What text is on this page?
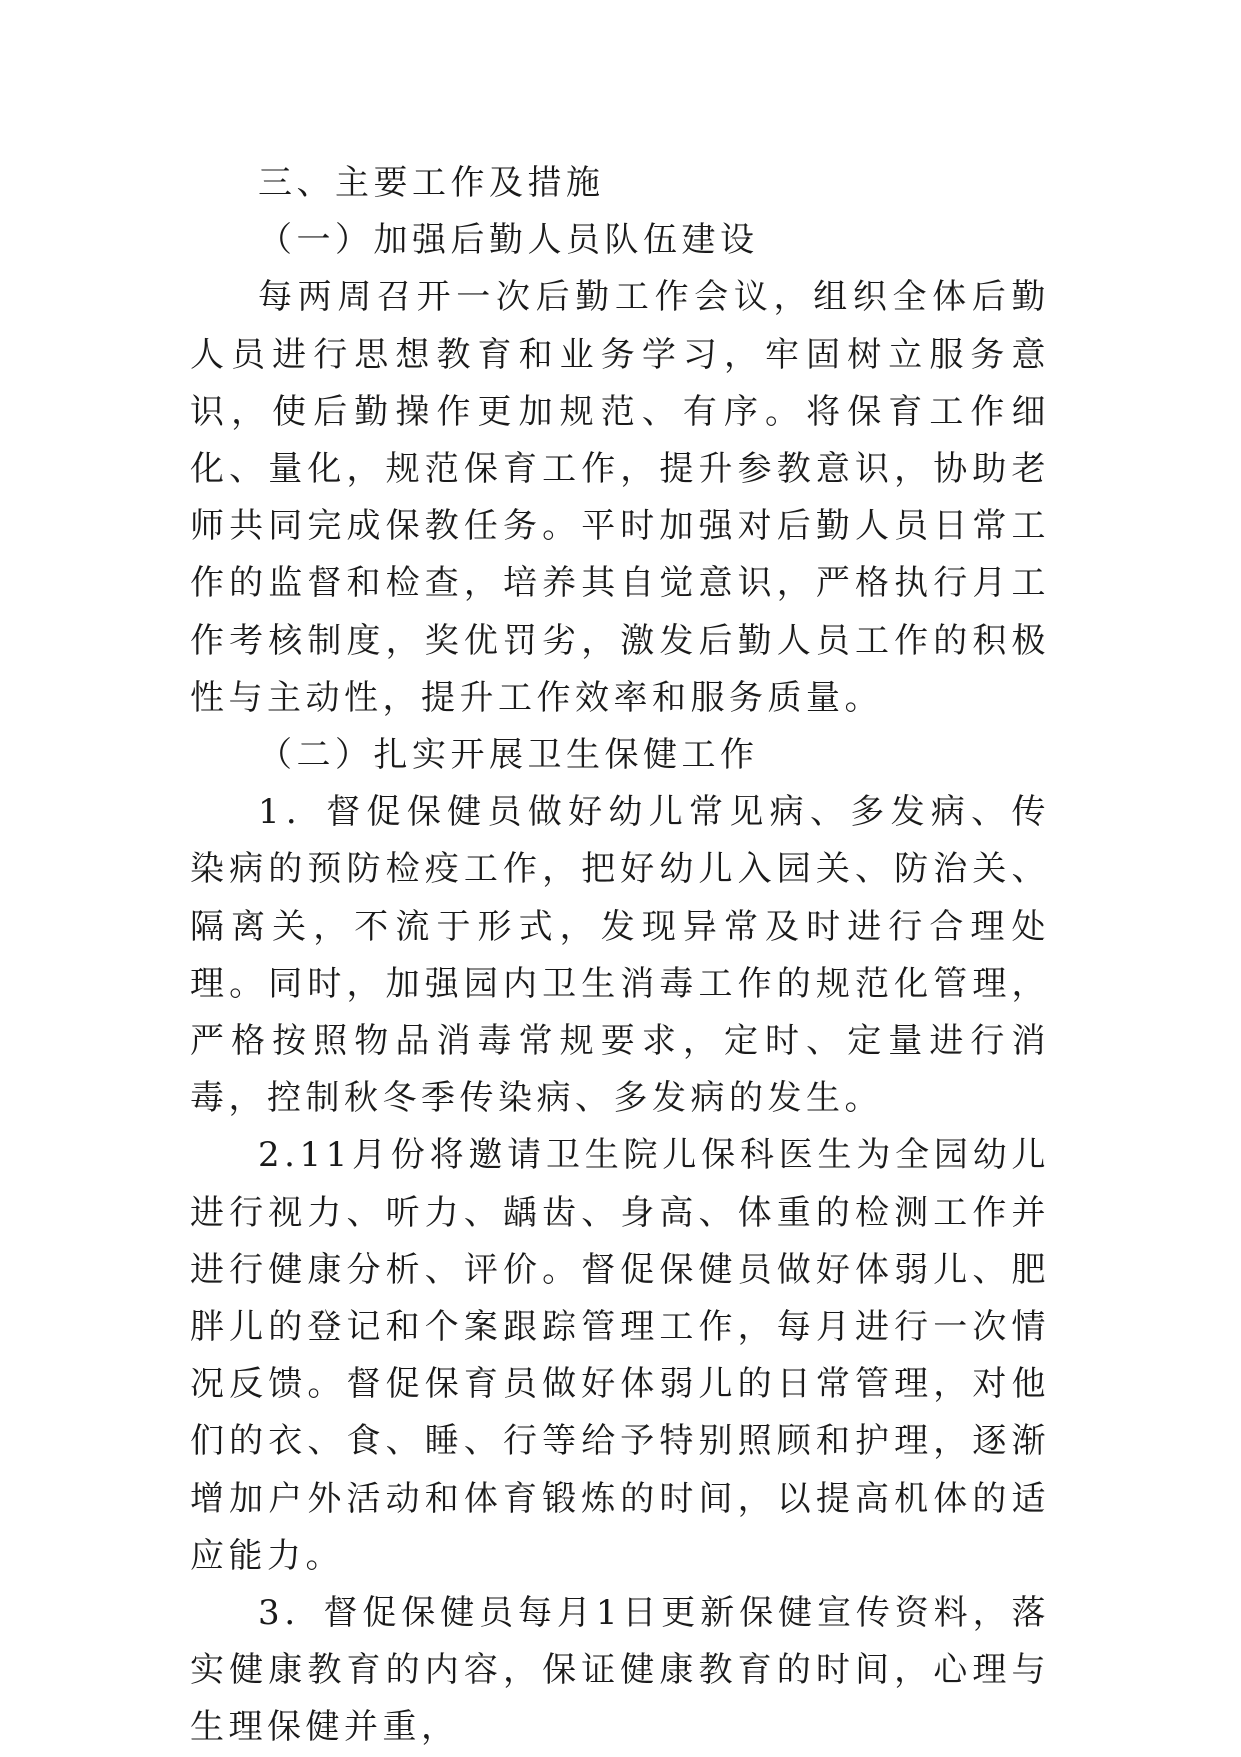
三、主要工作及措施

（一）加强后勤人员队伍建设

每两周召开一次后勤工作会议，组织全体后勤人员进行思想教育和业务学习，牢固树立服务意识，使后勤操作更加规范、有序。将保育工作细化、量化，规范保育工作，提升参教意识，协助老师共同完成保教任务。平时加强对后勤人员日常工作的监督和检查，培养其自觉意识，严格执行月工作考核制度，奖优罚劣，激发后勤人员工作的积极性与主动性，提升工作效率和服务质量。

（二）扎实开展卫生保健工作

1．督促保健员做好幼儿常见病、多发病、传染病的预防检疫工作，把好幼儿入园关、防治关、隔离关，不流于形式，发现异常及时进行合理处理。同时，加强园内卫生消毒工作的规范化管理，严格按照物品消毒常规要求，定时、定量进行消毒，控制秋冬季传染病、多发病的发生。

2.11月份将邀请卫生院儿保科医生为全园幼儿进行视力、听力、龋齿、身高、体重的检测工作并进行健康分析、评价。督促保健员做好体弱儿、肥胖儿的登记和个案跟踪管理工作，每月进行一次情况反馈。督促保育员做好体弱儿的日常管理，对他们的衣、食、睡、行等给予特别照顾和护理，逐渐增加户外活动和体育锻炼的时间，以提高机体的适应能力。

3．督促保健员每月1日更新保健宣传资料，落实健康教育的内容，保证健康教育的时间，心理与生理保健并重，
